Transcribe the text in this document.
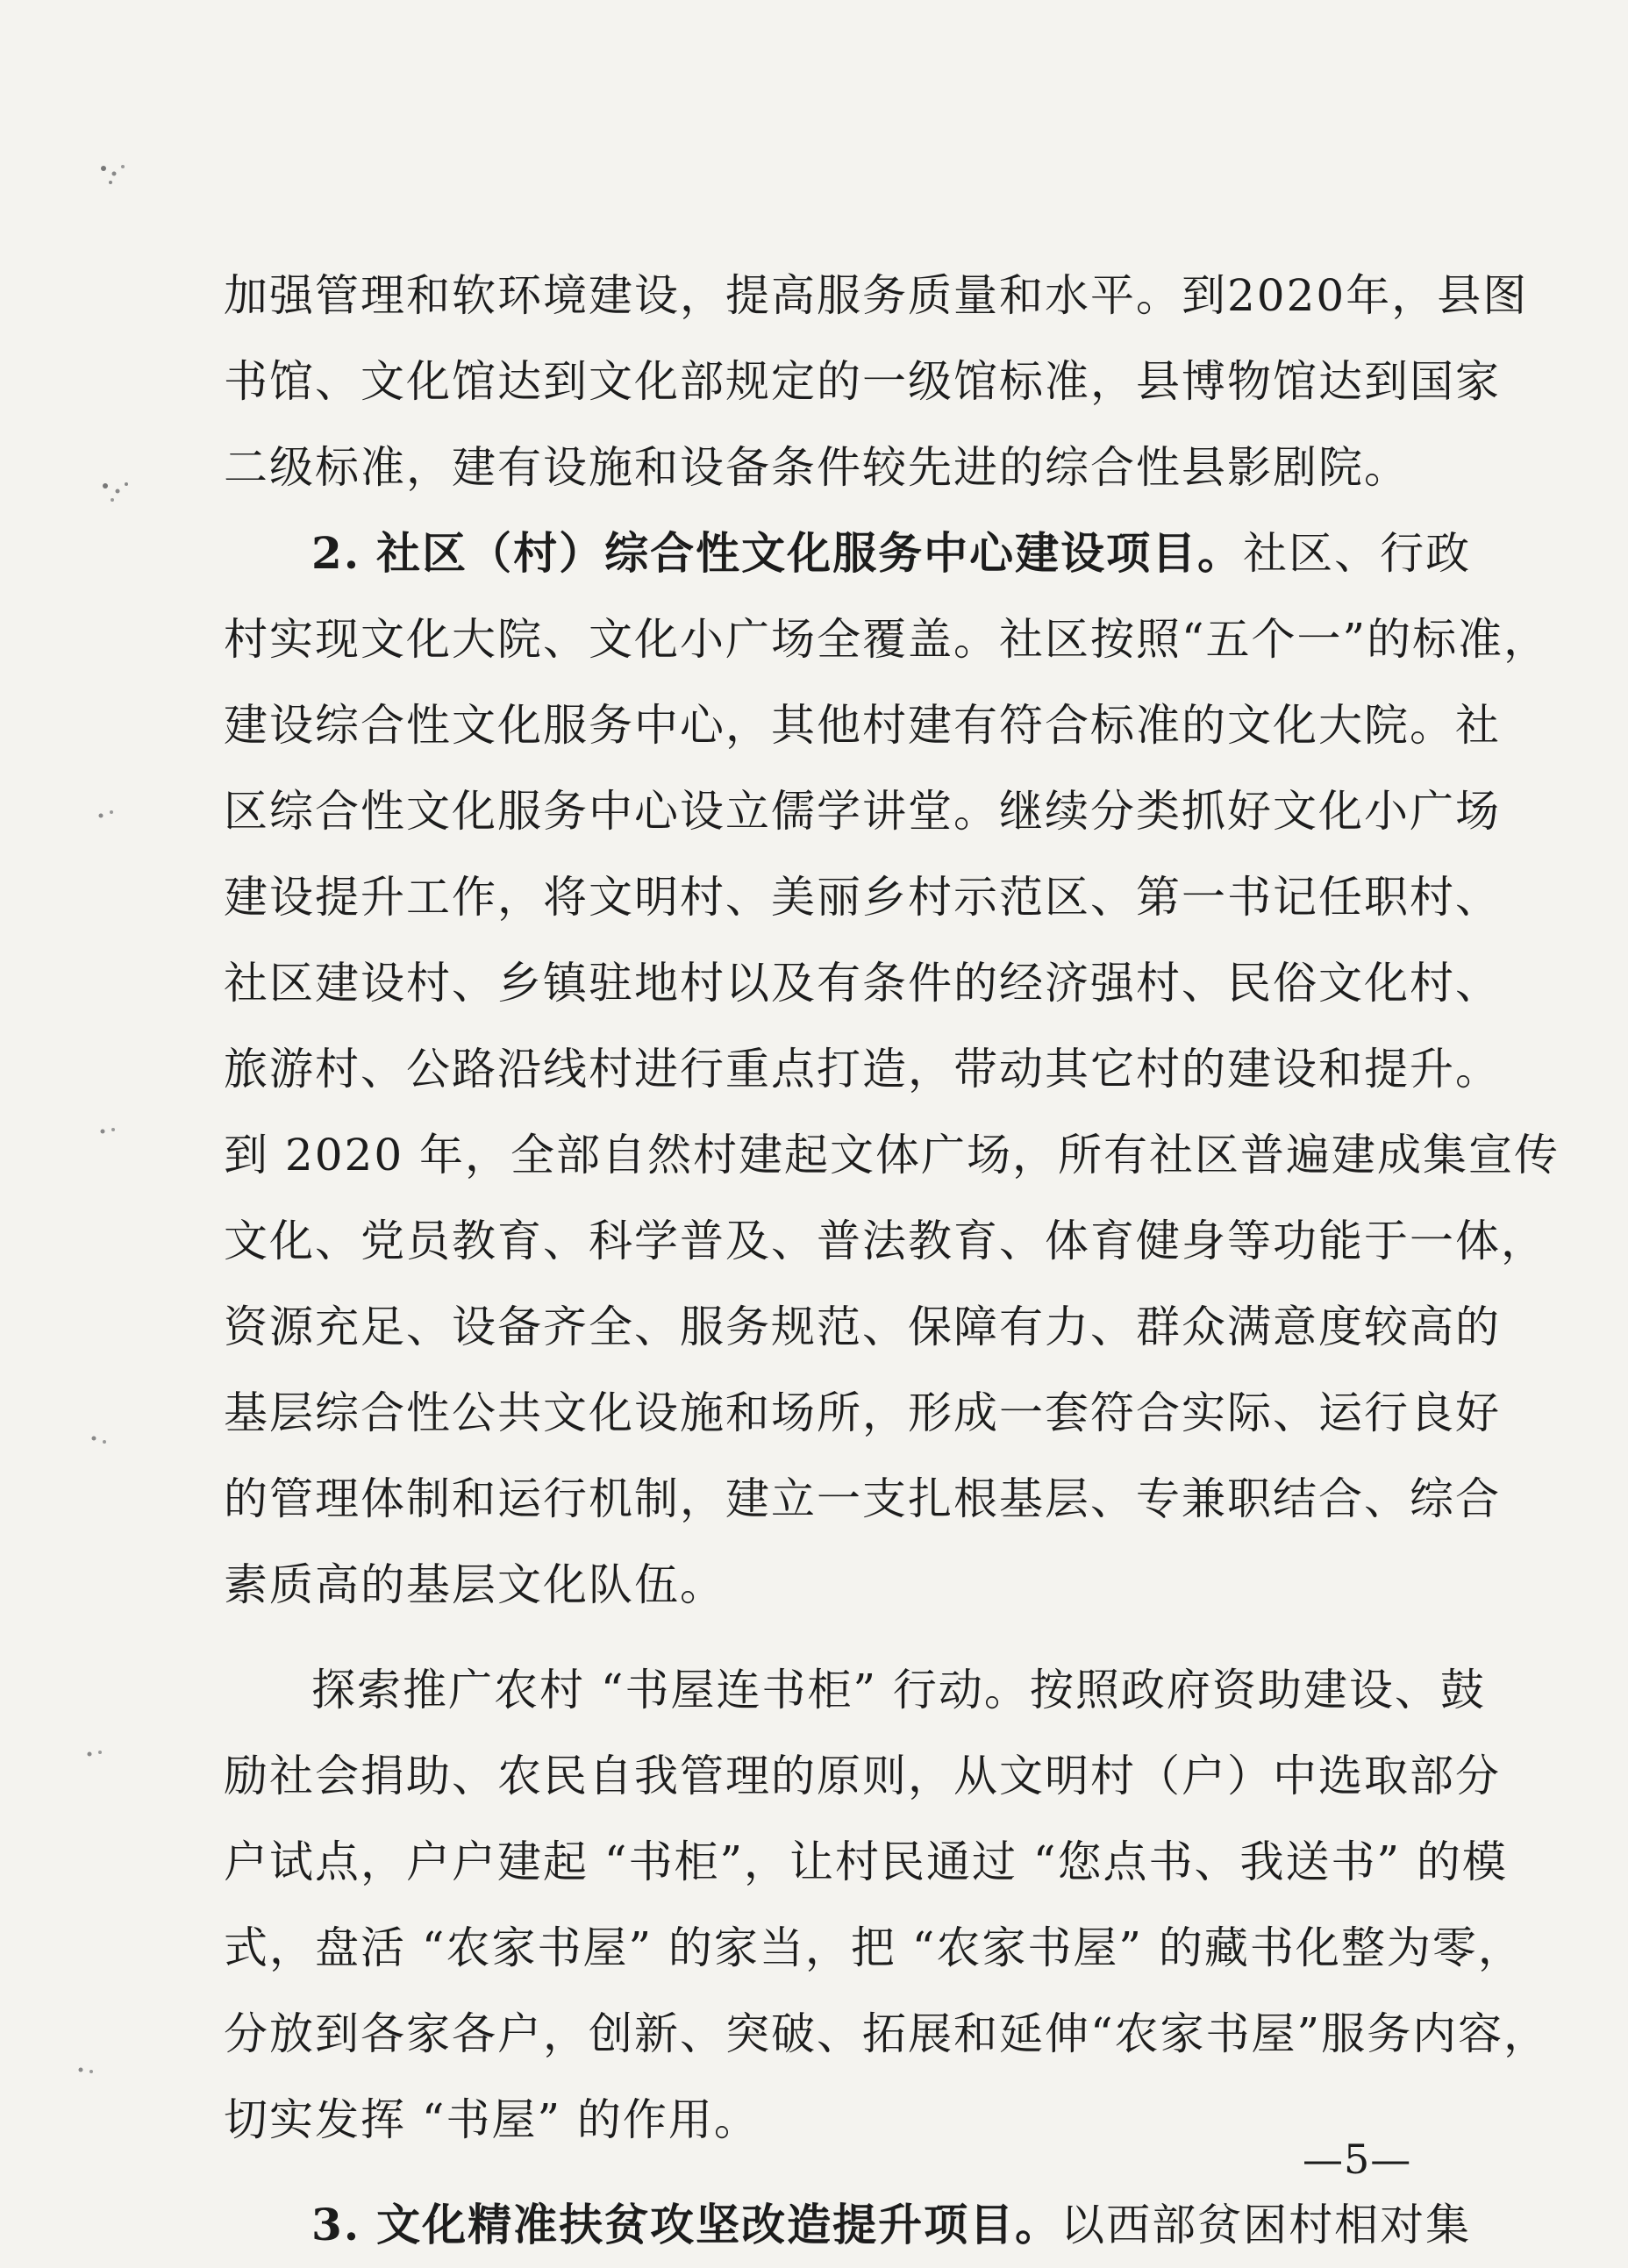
加强管理和软环境建设，提高服务质量和水平。到2020年，县图
书馆、文化馆达到文化部规定的一级馆标准，县博物馆达到国家
二级标准，建有设施和设备条件较先进的综合性县影剧院。
2. 社区（村）综合性文化服务中心建设项目。社区、行政
村实现文化大院、文化小广场全覆盖。社区按照“五个一”的标准，
建设综合性文化服务中心，其他村建有符合标准的文化大院。社
区综合性文化服务中心设立儒学讲堂。继续分类抓好文化小广场
建设提升工作，将文明村、美丽乡村示范区、第一书记任职村、
社区建设村、乡镇驻地村以及有条件的经济强村、民俗文化村、
旅游村、公路沿线村进行重点打造，带动其它村的建设和提升。
到 2020 年，全部自然村建起文体广场，所有社区普遍建成集宣传
文化、党员教育、科学普及、普法教育、体育健身等功能于一体，
资源充足、设备齐全、服务规范、保障有力、群众满意度较高的
基层综合性公共文化设施和场所，形成一套符合实际、运行良好
的管理体制和运行机制，建立一支扎根基层、专兼职结合、综合
素质高的基层文化队伍。
探索推广农村 “书屋连书柜” 行动。按照政府资助建设、鼓
励社会捐助、农民自我管理的原则，从文明村（户）中选取部分
户试点，户户建起 “书柜”，让村民通过 “您点书、我送书” 的模
式，盘活 “农家书屋” 的家当，把 “农家书屋” 的藏书化整为零，
分放到各家各户，创新、突破、拓展和延伸“农家书屋”服务内容，
切实发挥 “书屋” 的作用。
3. 文化精准扶贫攻坚改造提升项目。以西部贫困村相对集
—5—
